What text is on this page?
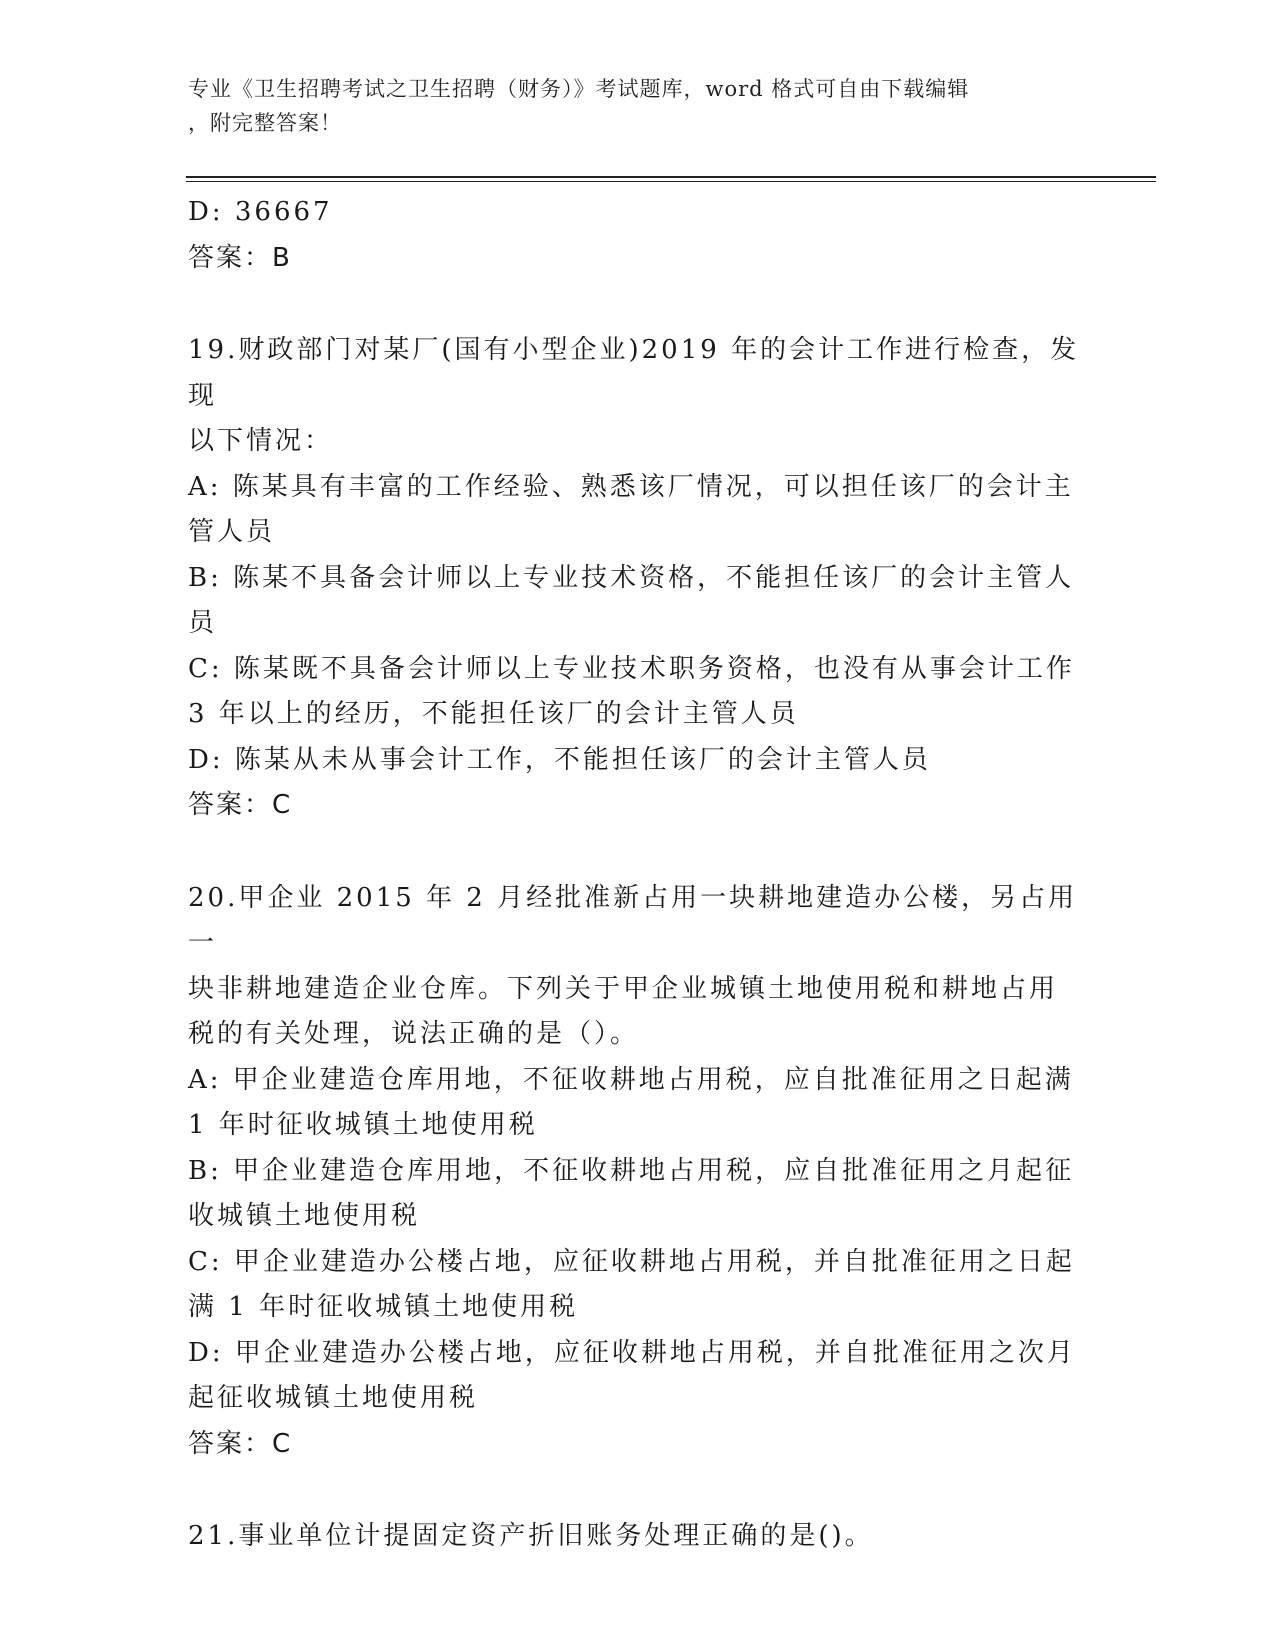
专业《卫生招聘考试之卫生招聘（财务）》考试题库，word 格式可自由下载编辑
，附完整答案！
D: 36667
答案：B
19.财政部门对某厂(国有小型企业)2019 年的会计工作进行检查，发现
以下情况：
A: 陈某具有丰富的工作经验、熟悉该厂情况，可以担任该厂的会计主
管人员
B: 陈某不具备会计师以上专业技术资格，不能担任该厂的会计主管人
员
C: 陈某既不具备会计师以上专业技术职务资格，也没有从事会计工作
3 年以上的经历，不能担任该厂的会计主管人员
D: 陈某从未从事会计工作，不能担任该厂的会计主管人员
答案：C
20.甲企业 2015 年 2 月经批准新占用一块耕地建造办公楼，另占用一
块非耕地建造企业仓库。下列关于甲企业城镇土地使用税和耕地占用
税的有关处理，说法正确的是（）。
A: 甲企业建造仓库用地，不征收耕地占用税，应自批准征用之日起满
1 年时征收城镇土地使用税
B: 甲企业建造仓库用地，不征收耕地占用税，应自批准征用之月起征
收城镇土地使用税
C: 甲企业建造办公楼占地，应征收耕地占用税，并自批准征用之日起
满 1 年时征收城镇土地使用税
D: 甲企业建造办公楼占地，应征收耕地占用税，并自批准征用之次月
起征收城镇土地使用税
答案：C
21.事业单位计提固定资产折旧账务处理正确的是()。
